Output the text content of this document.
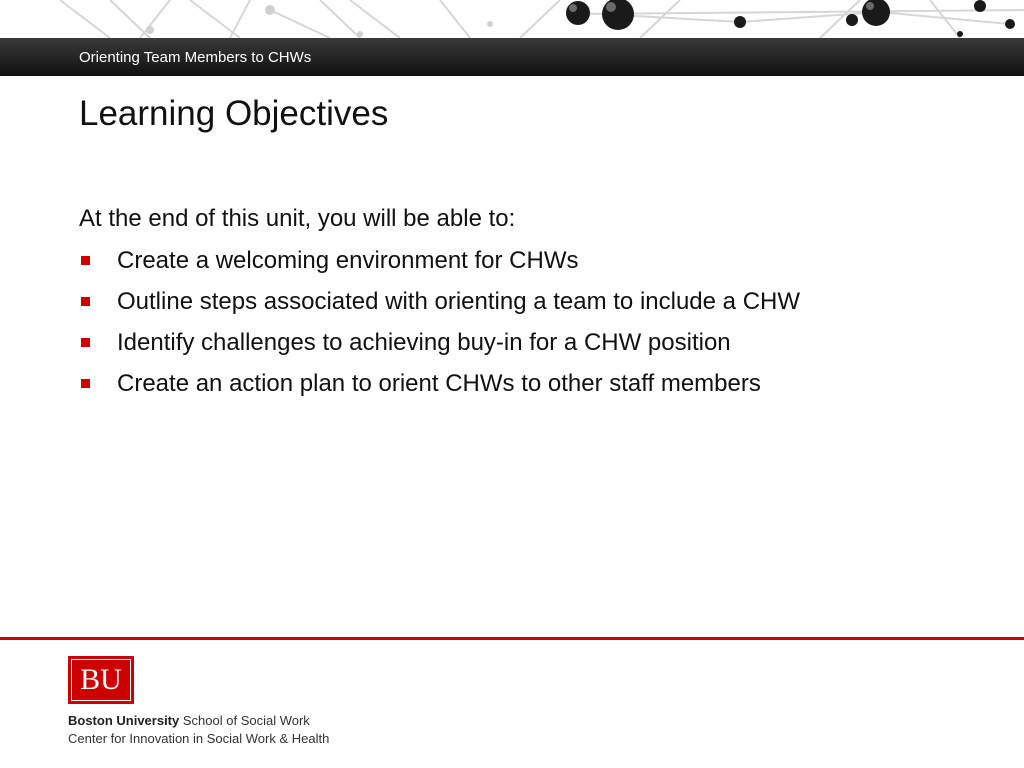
Orienting Team Members to CHWs
Learning Objectives
At the end of this unit, you will be able to:
Create a welcoming environment for CHWs
Outline steps associated with orienting a team to include a CHW
Identify challenges to achieving buy-in for a CHW position
Create an action plan to orient CHWs to other staff members
BU
Boston University School of Social Work
Center for Innovation in Social Work & Health
